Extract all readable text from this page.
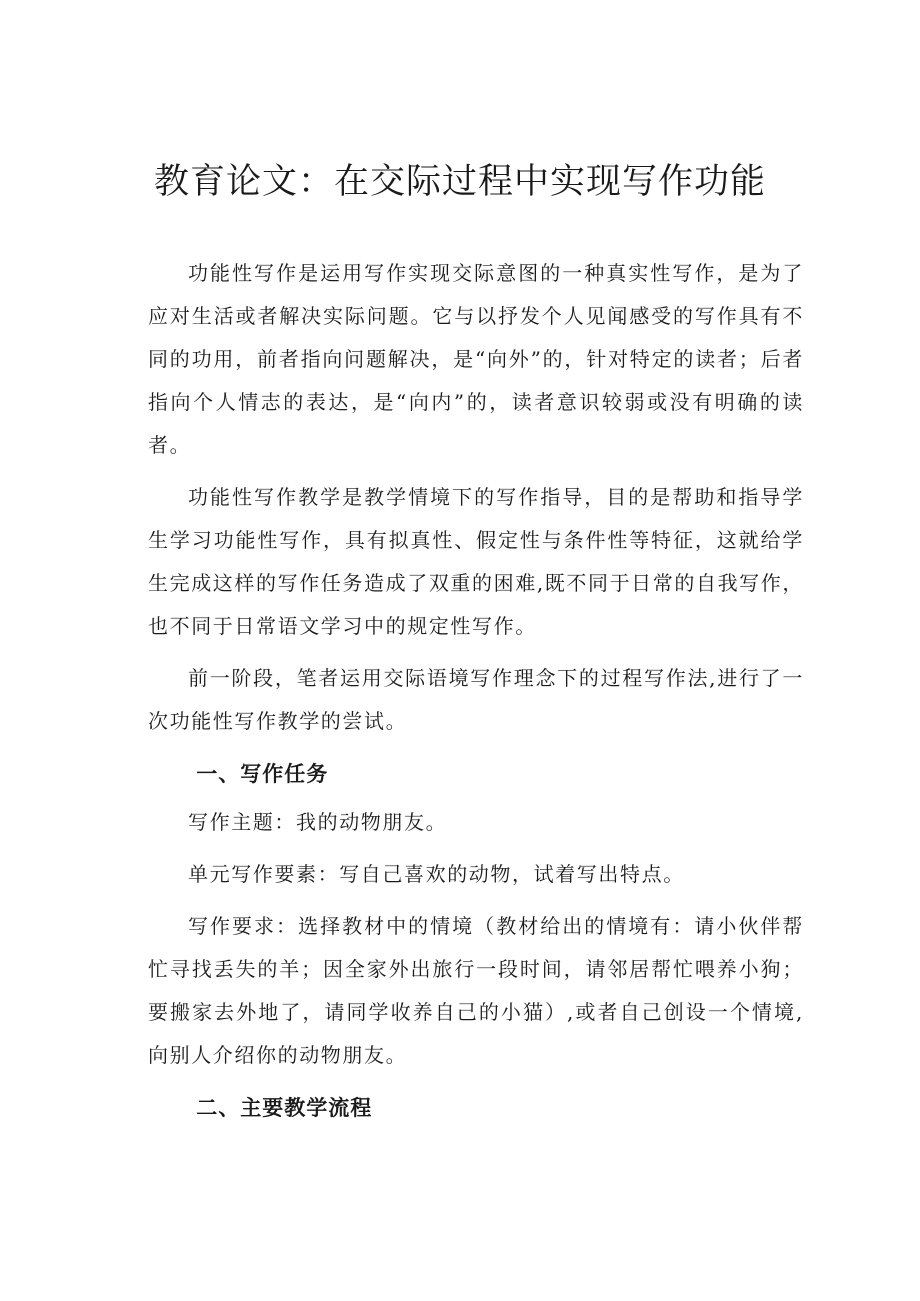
教育论文：在交际过程中实现写作功能

功能性写作是运用写作实现交际意图的一种真实性写作，是为了应对生活或者解决实际问题。它与以抒发个人见闻感受的写作具有不同的功用，前者指向问题解决，是“向外”的，针对特定的读者；后者指向个人情志的表达，是“向内”的，读者意识较弱或没有明确的读者。

功能性写作教学是教学情境下的写作指导，目的是帮助和指导学生学习功能性写作，具有拟真性、假定性与条件性等特征，这就给学生完成这样的写作任务造成了双重的困难,既不同于日常的自我写作，也不同于日常语文学习中的规定性写作。

前一阶段，笔者运用交际语境写作理念下的过程写作法,进行了一次功能性写作教学的尝试。

一、写作任务

写作主题：我的动物朋友。

单元写作要素：写自己喜欢的动物，试着写出特点。

写作要求：选择教材中的情境（教材给出的情境有：请小伙伴帮忙寻找丢失的羊；因全家外出旅行一段时间，请邻居帮忙喂养小狗；要搬家去外地了，请同学收养自己的小猫）,或者自己创设一个情境,向别人介绍你的动物朋友。

二、主要教学流程
